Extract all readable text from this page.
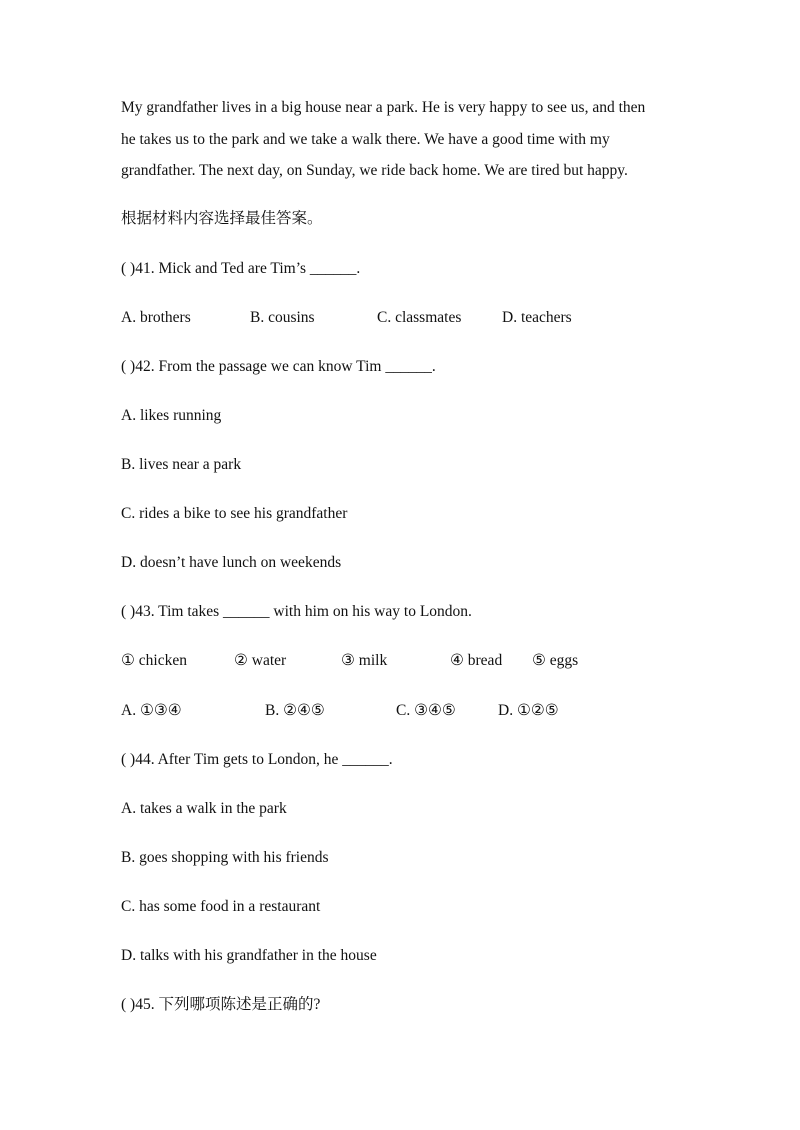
My grandfather lives in a big house near a park. He is very happy to see us, and then
he takes us to the park and we take a walk there. We have a good time with my
grandfather. The next day, on Sunday, we ride back home. We are tired but happy.
根据材料内容选择最佳答案。
( )41. Mick and Ted are Tim’s ______.
A. brothers	B. cousins	C. classmates	D. teachers
( )42. From the passage we can know Tim ______.
A. likes running
B. lives near a park
C. rides a bike to see his grandfather
D. doesn’t have lunch on weekends
( )43. Tim takes ______ with him on his way to London.
① chicken	② water	③ milk	④ bread ⑤ eggs
A. ①③④	B. ②④⑤	C. ③④⑤	D. ①②⑤
( )44. After Tim gets to London, he ______.
A. takes a walk in the park
B. goes shopping with his friends
C. has some food in a restaurant
D. talks with his grandfather in the house
( )45. 下列哪项陈述是正确的?
